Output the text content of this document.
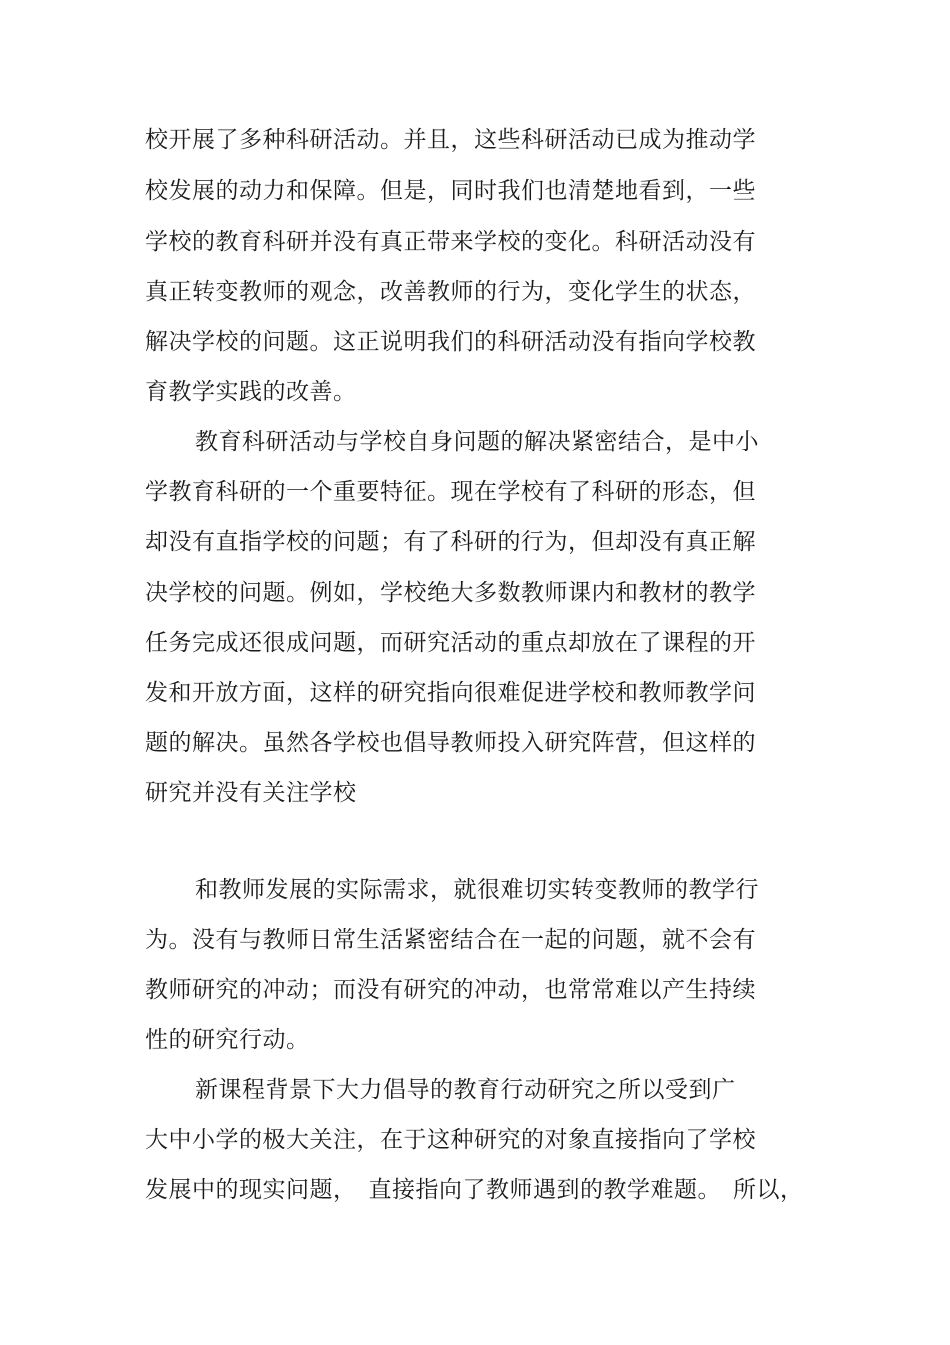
校开展了多种科研活动。并且，这些科研活动已成为推动学

校发展的动力和保障。但是，同时我们也清楚地看到，一些

学校的教育科研并没有真正带来学校的变化。科研活动没有

真正转变教师的观念，改善教师的行为，变化学生的状态，

解决学校的问题。这正说明我们的科研活动没有指向学校教

育教学实践的改善。

教育科研活动与学校自身问题的解决紧密结合，是中小

学教育科研的一个重要特征。现在学校有了科研的形态，但

却没有直指学校的问题；有了科研的行为，但却没有真正解

决学校的问题。例如，学校绝大多数教师课内和教材的教学

任务完成还很成问题，而研究活动的重点却放在了课程的开

发和开放方面，这样的研究指向很难促进学校和教师教学问

题的解决。虽然各学校也倡导教师投入研究阵营，但这样的

研究并没有关注学校

和教师发展的实际需求，就很难切实转变教师的教学行

为。没有与教师日常生活紧密结合在一起的问题，就不会有

教师研究的冲动；而没有研究的冲动，也常常难以产生持续

性的研究行动。

新课程背景下大力倡导的教育行动研究之所以受到广

大中小学的极大关注，在于这种研究的对象直接指向了学校

发展中的现实问题，　直接指向了教师遇到的教学难题。　所以，
